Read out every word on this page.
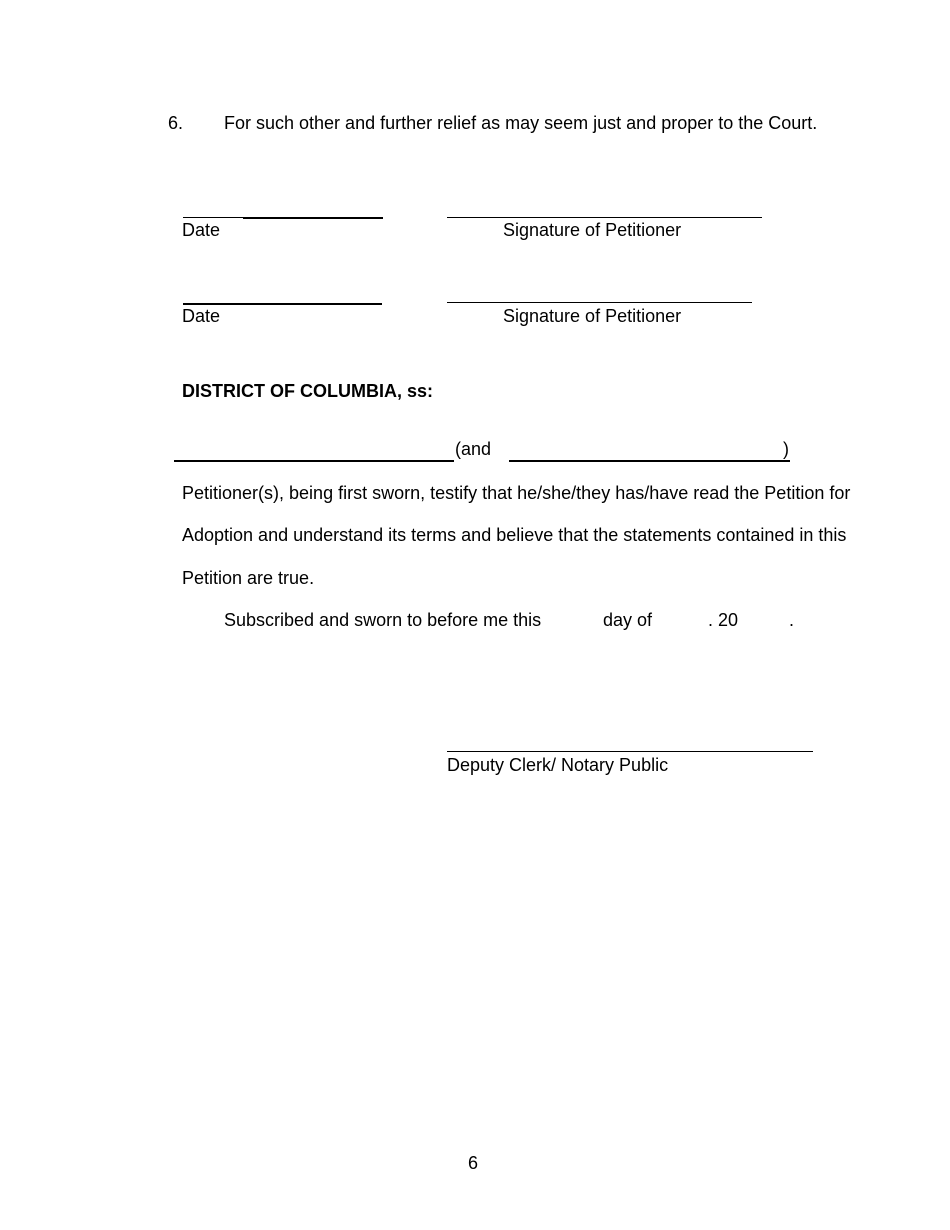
6. For such other and further relief as may seem just and proper to the Court.
Date	Signature of Petitioner
Date	Signature of Petitioner
DISTRICT OF COLUMBIA, ss:
(and	)
Petitioner(s), being first sworn, testify that he/she/they has/have read the Petition for
Adoption and understand its terms and believe that the statements contained in this
Petition are true.
Subscribed and sworn to before me this	day of	. 20	.
Deputy Clerk/ Notary Public
6
